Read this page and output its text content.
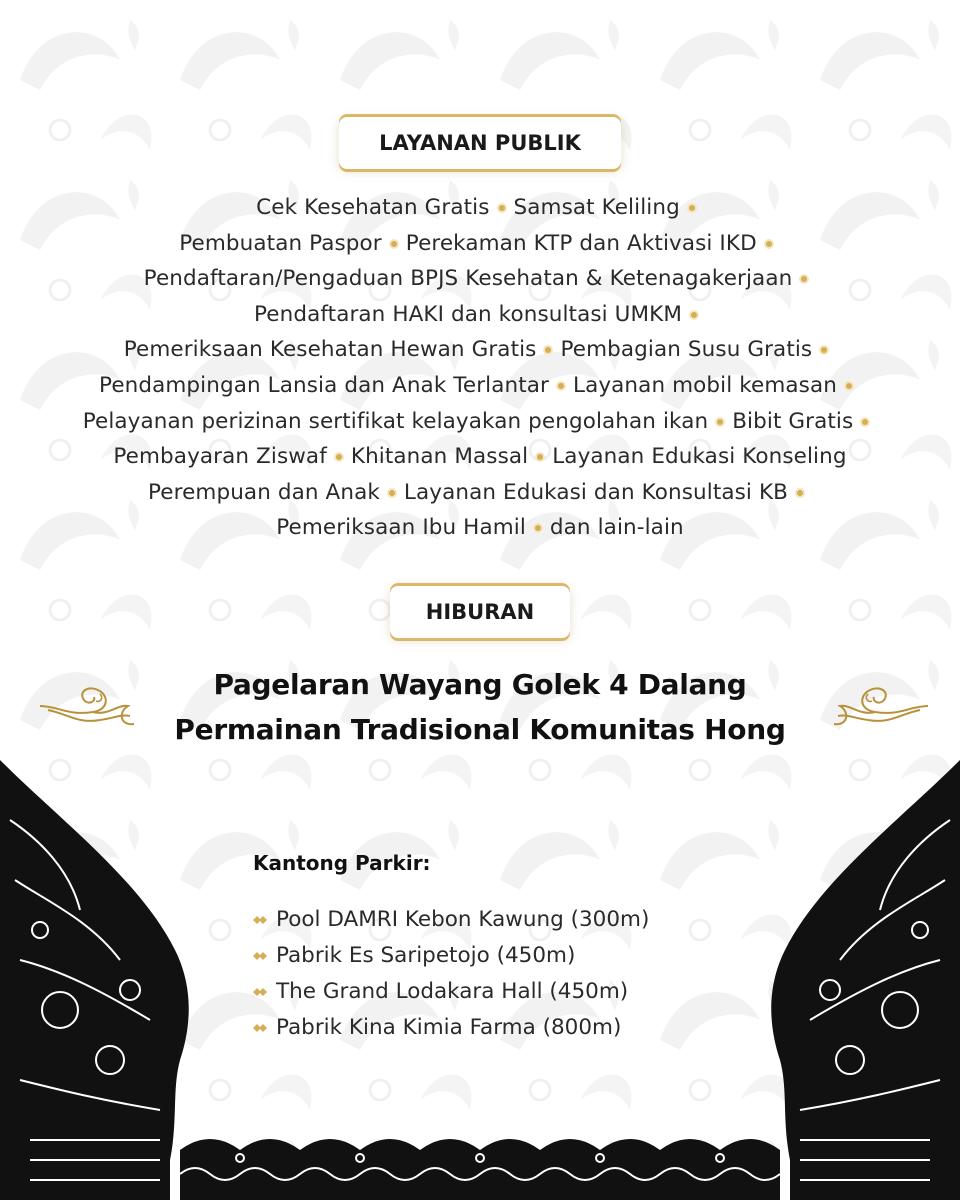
LAYANAN PUBLIK
Cek Kesehatan Gratis Samsat Keliling
Pembuatan Paspor Perekaman KTP dan Aktivasi IKD
Pendaftaran/Pengaduan BPJS Kesehatan & Ketenagakerjaan
Pendaftaran HAKI dan konsultasi UMKM
Pemeriksaan Kesehatan Hewan Gratis Pembagian Susu Gratis
Pendampingan Lansia dan Anak Terlantar Layanan mobil kemasan
Pelayanan perizinan sertifikat kelayakan pengolahan ikan Bibit Gratis
Pembayaran Ziswaf Khitanan Massal Layanan Edukasi Konseling
Perempuan dan Anak Layanan Edukasi dan Konsultasi KB
Pemeriksaan Ibu Hamil dan lain-lain
HIBURAN
Pagelaran Wayang Golek 4 Dalang
Permainan Tradisional Komunitas Hong
Kantong Parkir:
Pool DAMRI Kebon Kawung (300m)
Pabrik Es Saripetojo (450m)
The Grand Lodakara Hall (450m)
Pabrik Kina Kimia Farma (800m)
